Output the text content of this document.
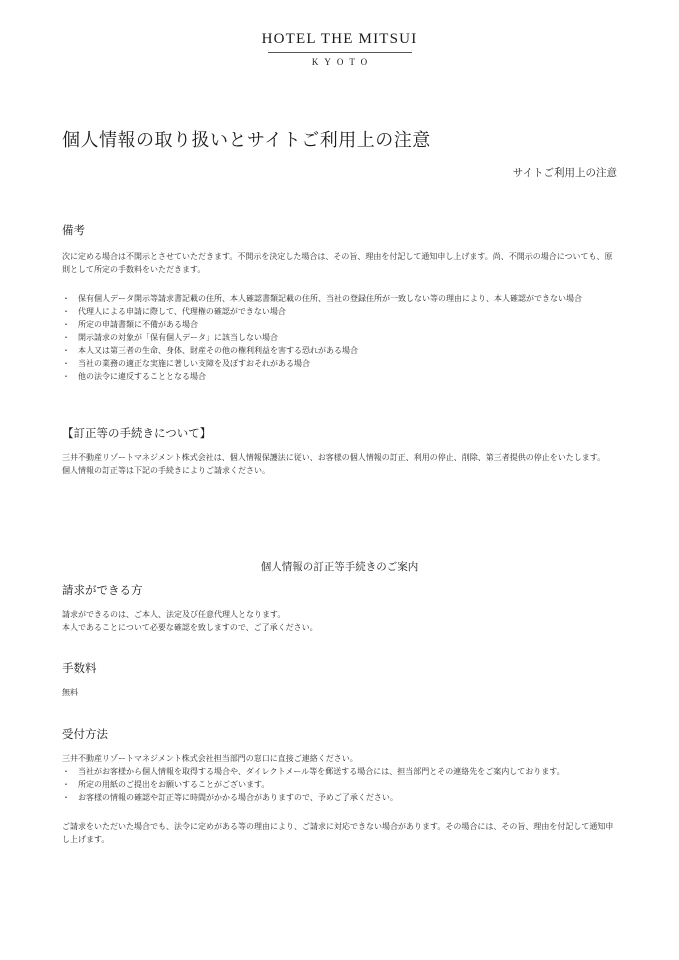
HOTEL THE MITSUI
KYOTO
個人情報の取り扱いとサイトご利用上の注意
サイトご利用上の注意
備考

次に定める場合は不開示とさせていただきます。不開示を決定した場合は、その旨、理由を付記して通知申し上げます。尚、不開示の場合についても、原則として所定の手数料をいただきます。

・ 保有個人データ開示等請求書記載の住所、本人確認書類記載の住所、当社の登録住所が一致しない等の理由により、本人確認ができない場合
・ 代理人による申請に際して、代理権の確認ができない場合
・ 所定の申請書類に不備がある場合
・ 開示請求の対象が「保有個人データ」に該当しない場合
・ 本人又は第三者の生命、身体、財産その他の権利利益を害する恐れがある場合
・ 当社の業務の適正な実施に著しい支障を及ぼすおそれがある場合
・ 他の法令に違反することとなる場合
【訂正等の手続きについて】

三井不動産リゾートマネジメント株式会社は、個人情報保護法に従い、お客様の個人情報の訂正、利用の停止、削除、第三者提供の停止をいたします。

個人情報の訂正等は下記の手続きによりご請求ください。

個人情報の訂正等手続きのご案内
請求ができる方

請求ができるのは、ご本人、法定及び任意代理人となります。

本人であることについて必要な確認を致しますので、ご了承ください。

手数料

無料

受付方法

三井不動産リゾートマネジメント株式会社担当部門の窓口に直接ご連絡ください。

・ 当社がお客様から個人情報を取得する場合や、ダイレクトメール等を郵送する場合には、担当部門とその連絡先をご案内しております。
・ 所定の用紙のご提出をお願いすることがございます。
・ お客様の情報の確認や訂正等に時間がかかる場合がありますので、予めご了承ください。

ご請求をいただいた場合でも、法令に定めがある等の理由により、ご請求に対応できない場合があります。その場合には、その旨、理由を付記して通知申し上げます。
